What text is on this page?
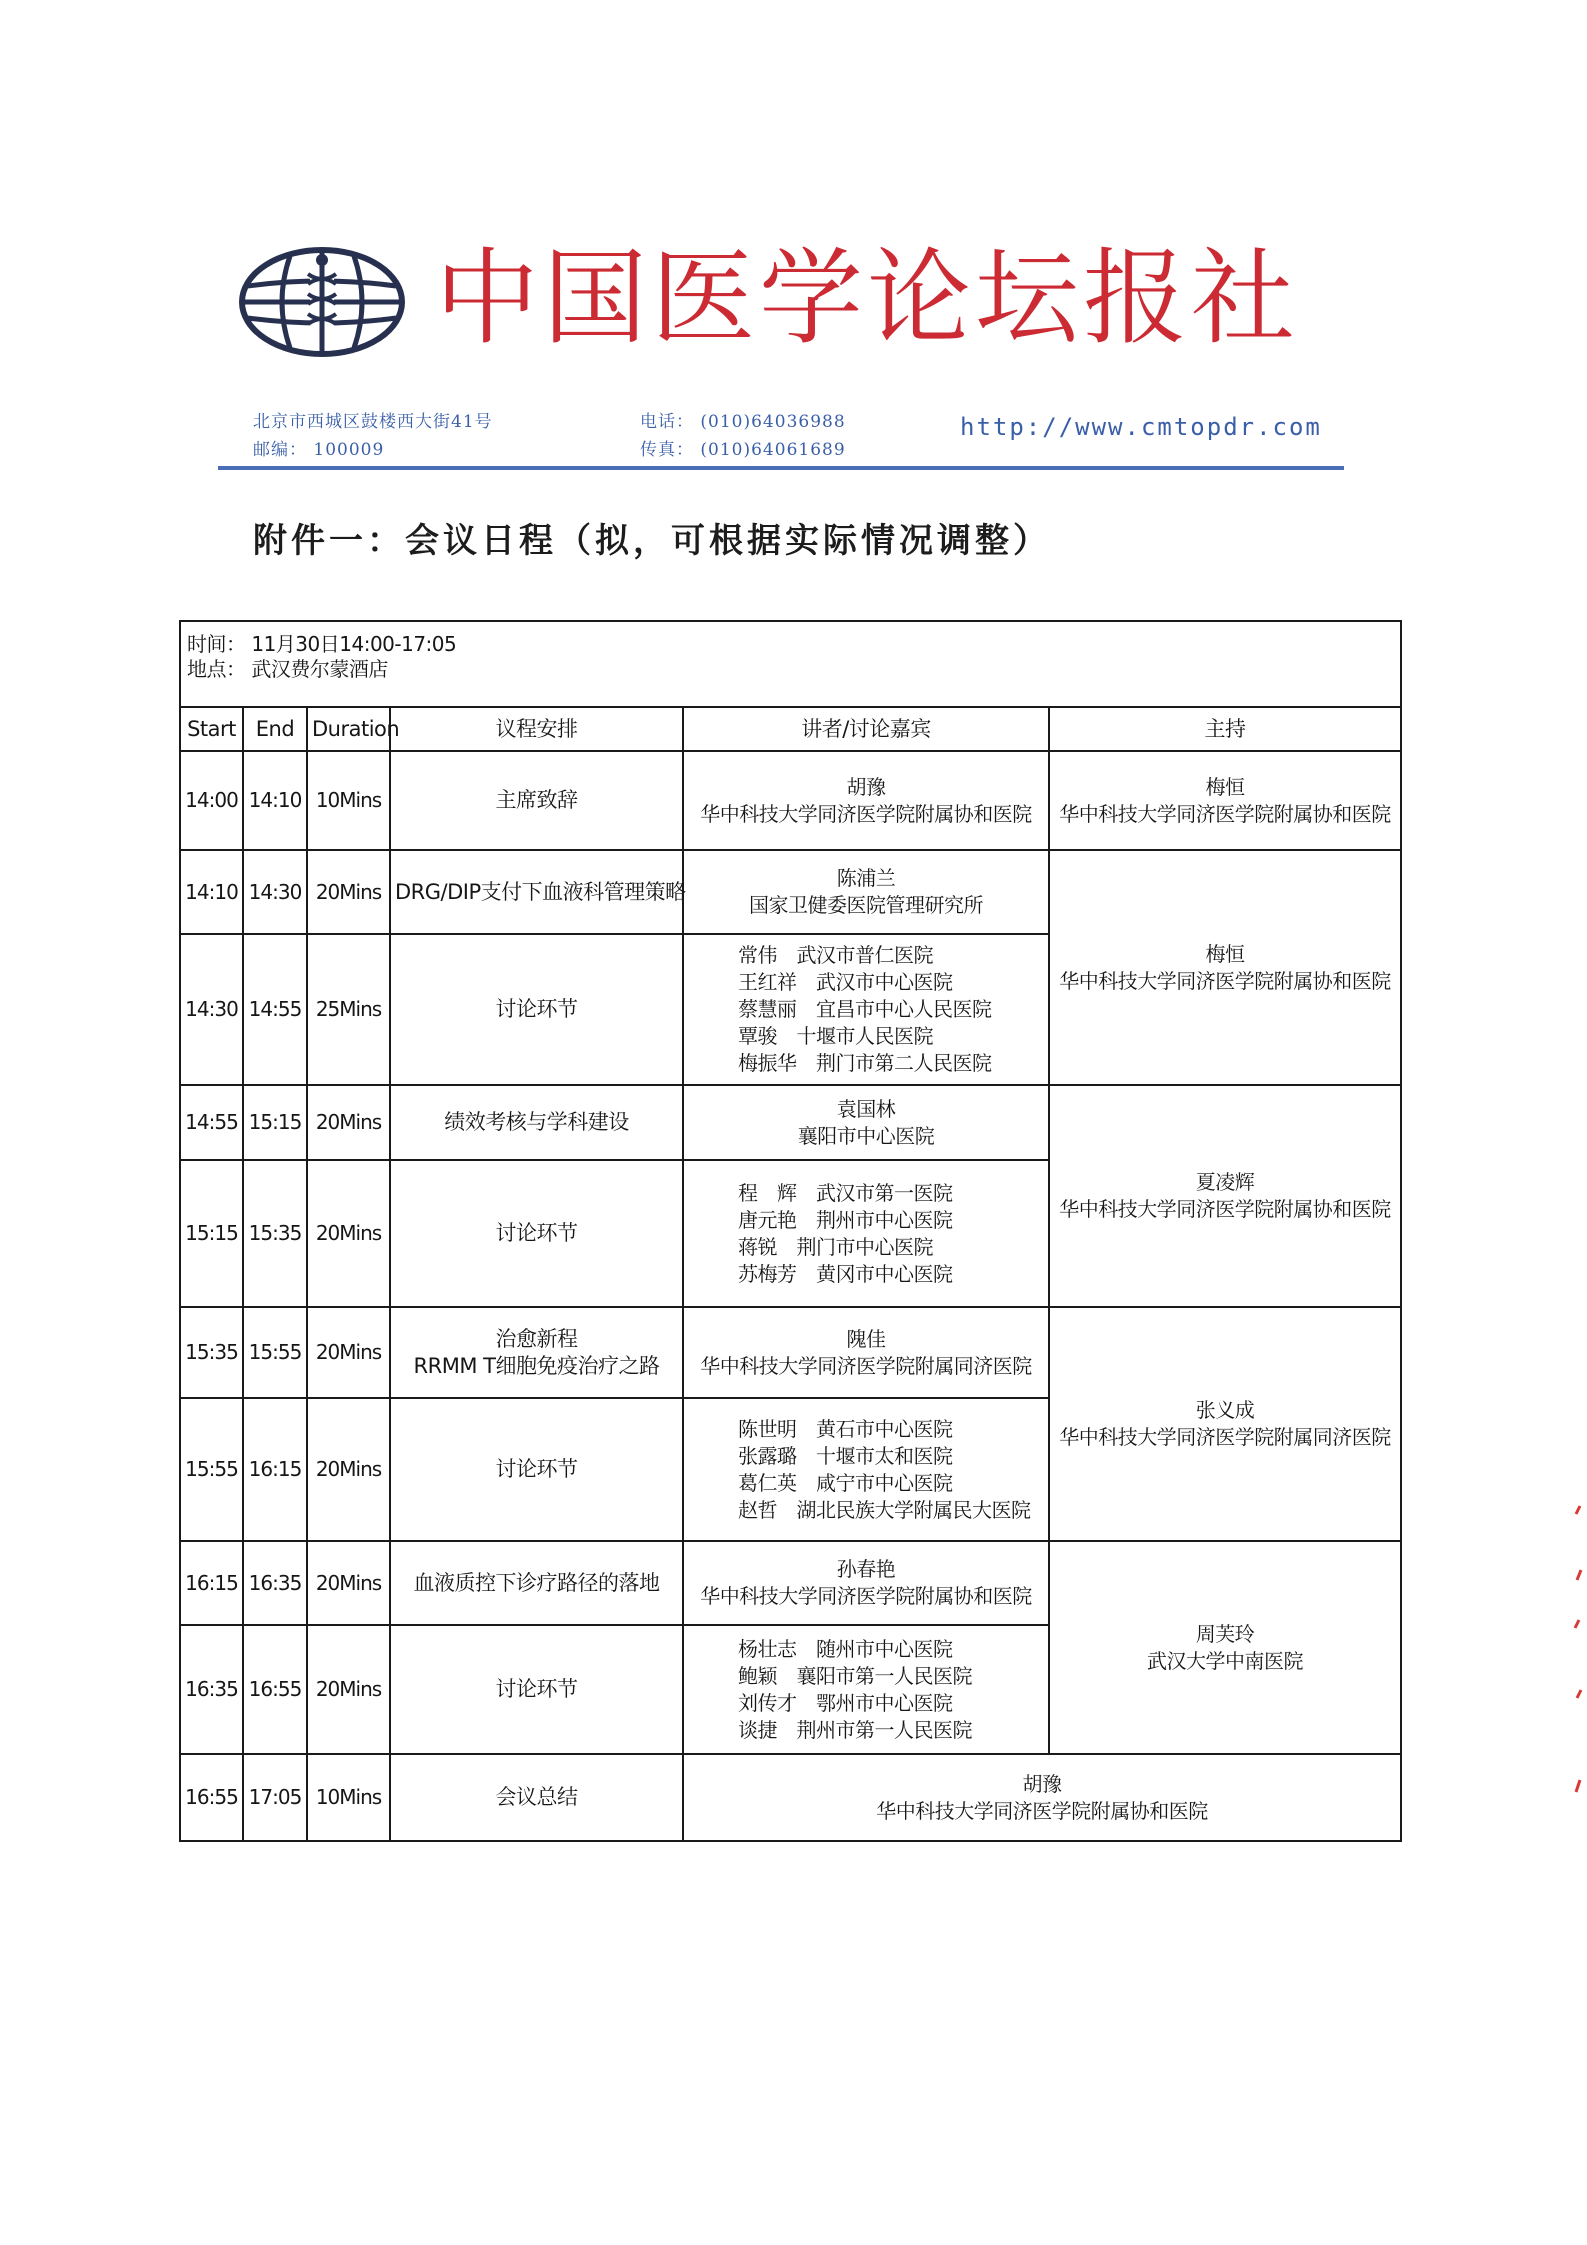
中 国 医 学 论 坛 报 社
北京市西城区鼓楼西大街41号
邮编： 100009
电话： (010)64036988
传真： (010)64061689
http://www.cmtopdr.com
附件一：会议日程（拟，可根据实际情况调整）
时间： 11月30日14:00-17:05
地点： 武汉费尔蒙酒店					

Start	End	Duration	议程安排	讲者/讨论嘉宾	主持
14:00	14:10	10Mins	主席致辞	胡豫
华中科技大学同济医学院附属协和医院	梅恒
华中科技大学同济医学院附属协和医院

14:10	14:30	20Mins	DRG/DIP支付下血液科管理策略	陈浦兰
国家卫健委医院管理研究所	梅恒
华中科技大学同济医学院附属协和医院

14:30	14:55	25Mins	讨论环节	常伟　武汉市普仁医院
王红祥　武汉市中心医院
蔡慧丽　宜昌市中心人民医院
覃骏　十堰市人民医院
梅振华　荆门市第二人民医院	

14:55	15:15	20Mins	绩效考核与学科建设	袁国林
襄阳市中心医院	夏凌辉
华中科技大学同济医学院附属协和医院

15:15	15:35	20Mins	讨论环节	程　辉　武汉市第一医院
唐元艳　荆州市中心医院
蒋锐　荆门市中心医院
苏梅芳　黄冈市中心医院	

15:35	15:55	20Mins	治愈新程
RRMM T细胞免疫治疗之路	隗佳
华中科技大学同济医学院附属同济医院	张义成
华中科技大学同济医学院附属同济医院

15:55	16:15	20Mins	讨论环节	陈世明　黄石市中心医院
张露璐　十堰市太和医院
葛仁英　咸宁市中心医院
赵哲　湖北民族大学附属民大医院	

16:15	16:35	20Mins	血液质控下诊疗路径的落地	孙春艳
华中科技大学同济医学院附属协和医院	周芙玲
武汉大学中南医院

16:35	16:55	20Mins	讨论环节	杨壮志　随州市中心医院
鲍颖　襄阳市第一人民医院
刘传才　鄂州市中心医院
谈捷　荆州市第一人民医院	

16:55	17:05	10Mins	会议总结	胡豫
华中科技大学同济医学院附属协和医院	
